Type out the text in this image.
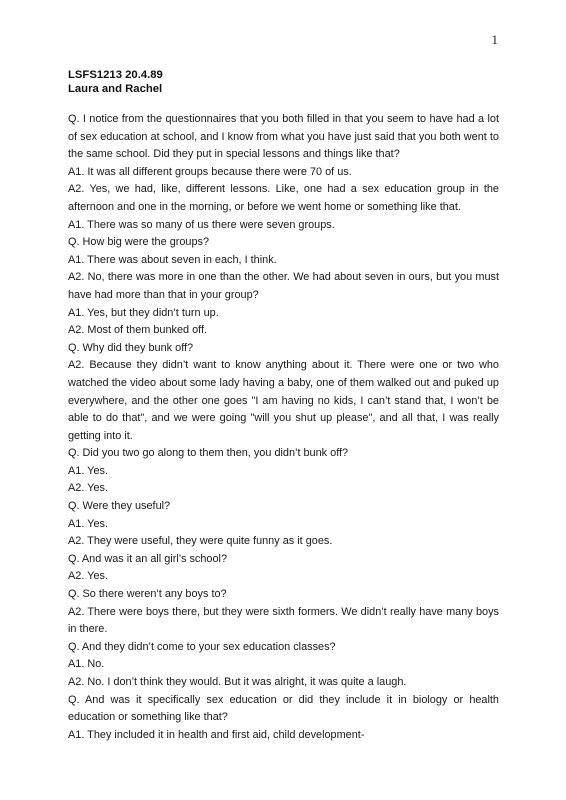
1
LSFS1213 20.4.89
Laura and Rachel

Q. I notice from the questionnaires that you both filled in that you seem to have had a lot of sex education at school, and I know from what you have just said that you both went to the same school. Did they put in special lessons and things like that?

A1. It was all different groups because there were 70 of us.

A2. Yes, we had, like, different lessons. Like, one had a sex education group in the afternoon and one in the morning, or before we went home or something like that.

A1. There was so many of us there were seven groups.

Q. How big were the groups?

A1. There was about seven in each, I think.

A2. No, there was more in one than the other. We had about seven in ours, but you must have had more than that in your group?

A1. Yes, but they didn’t turn up.

A2. Most of them bunked off.

Q. Why did they bunk off?

A2. Because they didn’t want to know anything about it. There were one or two who watched the video about some lady having a baby, one of them walked out and puked up everywhere, and the other one goes "I am having no kids, I can’t stand that, I won’t be able to do that", and we were going "will you shut up please", and all that, I was really getting into it.

Q. Did you two go along to them then, you didn’t bunk off?

A1. Yes.

A2. Yes.

Q. Were they useful?

A1. Yes.

A2. They were useful, they were quite funny as it goes.

Q. And was it an all girl’s school?

A2. Yes.

Q. So there weren’t any boys to?

A2. There were boys there, but they were sixth formers. We didn’t really have many boys in there.

Q. And they didn’t come to your sex education classes?

A1. No.

A2. No. I don’t think they would. But it was alright, it was quite a laugh.

Q. And was it specifically sex education or did they include it in biology or health education or something like that?

A1. They included it in health and first aid, child development-
